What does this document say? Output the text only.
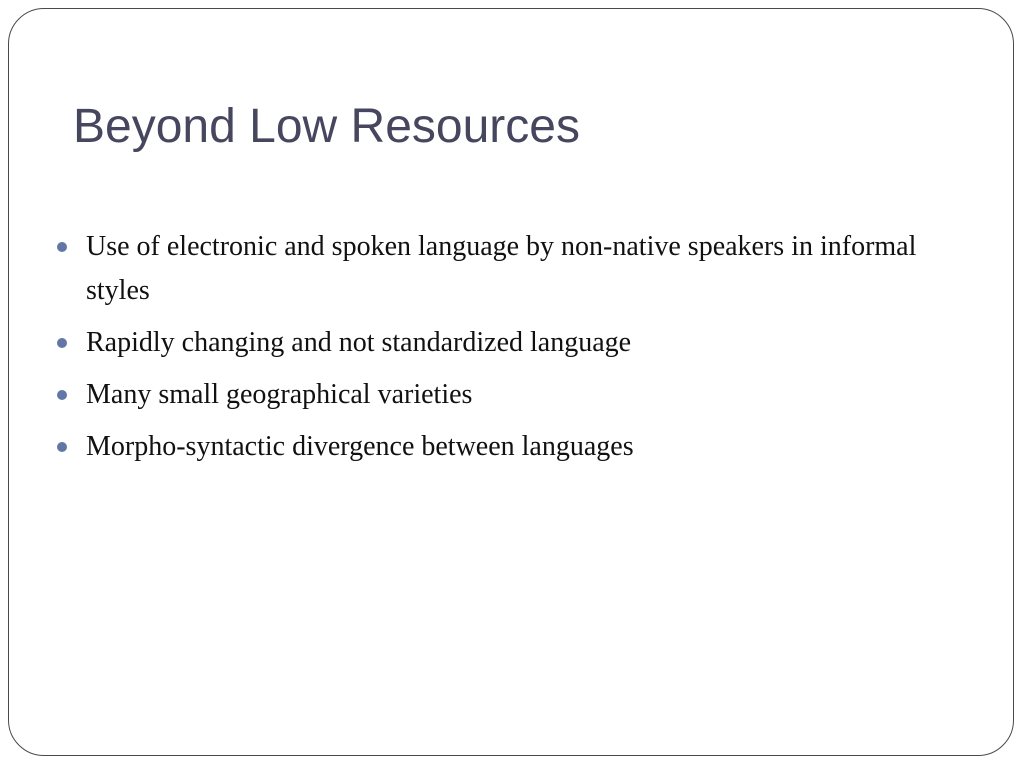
Beyond Low Resources
Use of electronic and spoken language by non-native speakers in informal styles
Rapidly changing and not standardized language
Many small geographical varieties
Morpho-syntactic divergence between languages
